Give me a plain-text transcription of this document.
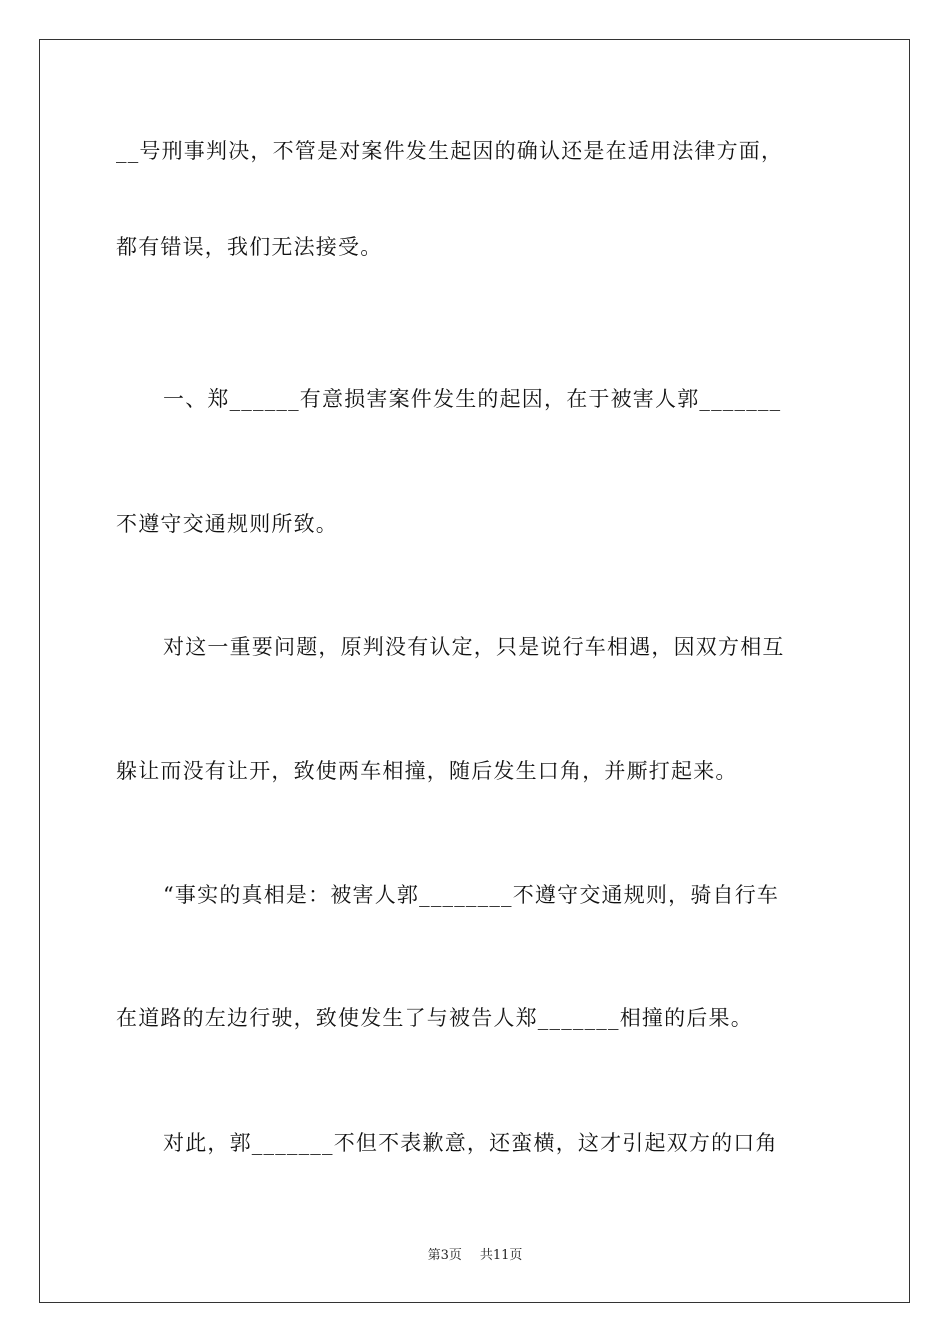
__号刑事判决，不管是对案件发生起因的确认还是在适用法律方面，
都有错误，我们无法接受。
一、郑______有意损害案件发生的起因，在于被害人郭_______
不遵守交通规则所致。
对这一重要问题，原判没有认定，只是说行车相遇，因双方相互
躲让而没有让开，致使两车相撞，随后发生口角，并厮打起来。
“事实的真相是：被害人郭________不遵守交通规则，骑自行车
在道路的左边行驶，致使发生了与被告人郑_______相撞的后果。
对此，郭_______不但不表歉意，还蛮横，这才引起双方的口角
第3页 共11页
